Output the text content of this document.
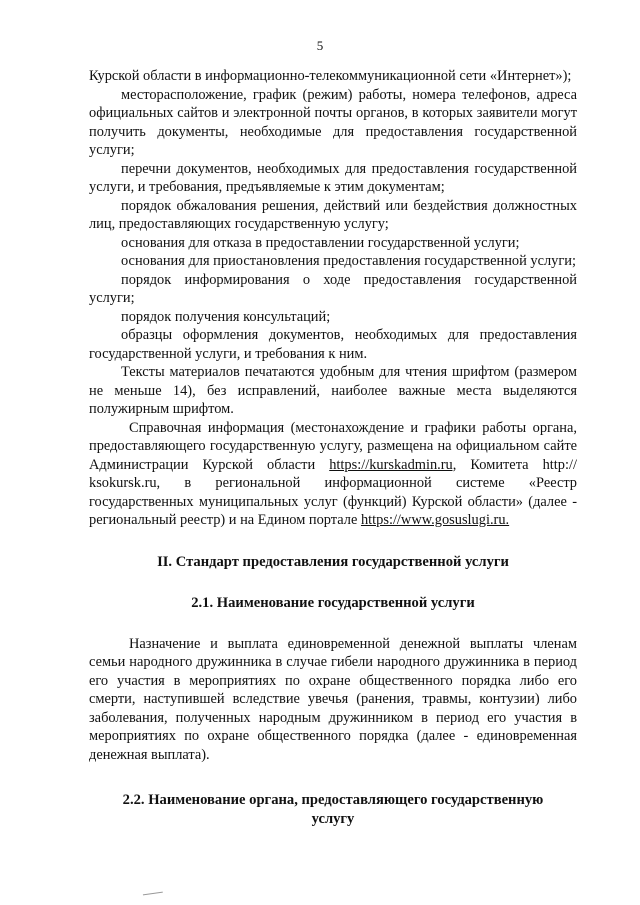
5

Курской области в информационно-телекоммуникационной сети «Интернет»);

месторасположение, график (режим) работы, номера телефонов, адреса официальных сайтов и электронной почты органов, в которых заявители могут получить документы, необходимые для предоставления государственной услуги;

перечни документов, необходимых для предоставления государственной услуги, и требования, предъявляемые к этим документам;

порядок обжалования решения, действий или бездействия должностных лиц, предоставляющих государственную услугу;

основания для отказа в предоставлении государственной услуги;

основания для приостановления предоставления государственной услуги;

порядок информирования о ходе предоставления государственной услуги;

порядок получения консультаций;

образцы оформления документов, необходимых для предоставления государственной услуги, и требования к ним.

Тексты материалов печатаются удобным для чтения шрифтом (размером не меньше 14), без исправлений, наиболее важные места выделяются полужирным шрифтом.

Справочная информация (местонахождение и графики работы органа, предоставляющего государственную услугу, размещена на официальном сайте Администрации Курской области https://kurskadmin.ru, Комитета http:// ksokursk.ru, в региональной информационной системе «Реестр государственных муниципальных услуг (функций) Курской области» (далее - региональный реестр) и на Едином портале https://www.gosuslugi.ru.

II. Стандарт предоставления государственной услуги

2.1. Наименование государственной услуги

Назначение и выплата единовременной денежной выплаты членам семьи народного дружинника в случае гибели народного дружинника в период его участия в мероприятиях по охране общественного порядка либо его смерти, наступившей вследствие увечья (ранения, травмы, контузии) либо заболевания, полученных народным дружинником в период его участия в мероприятиях по охране общественного порядка (далее - единовременная денежная выплата).

2.2. Наименование органа, предоставляющего государственную
услугу
